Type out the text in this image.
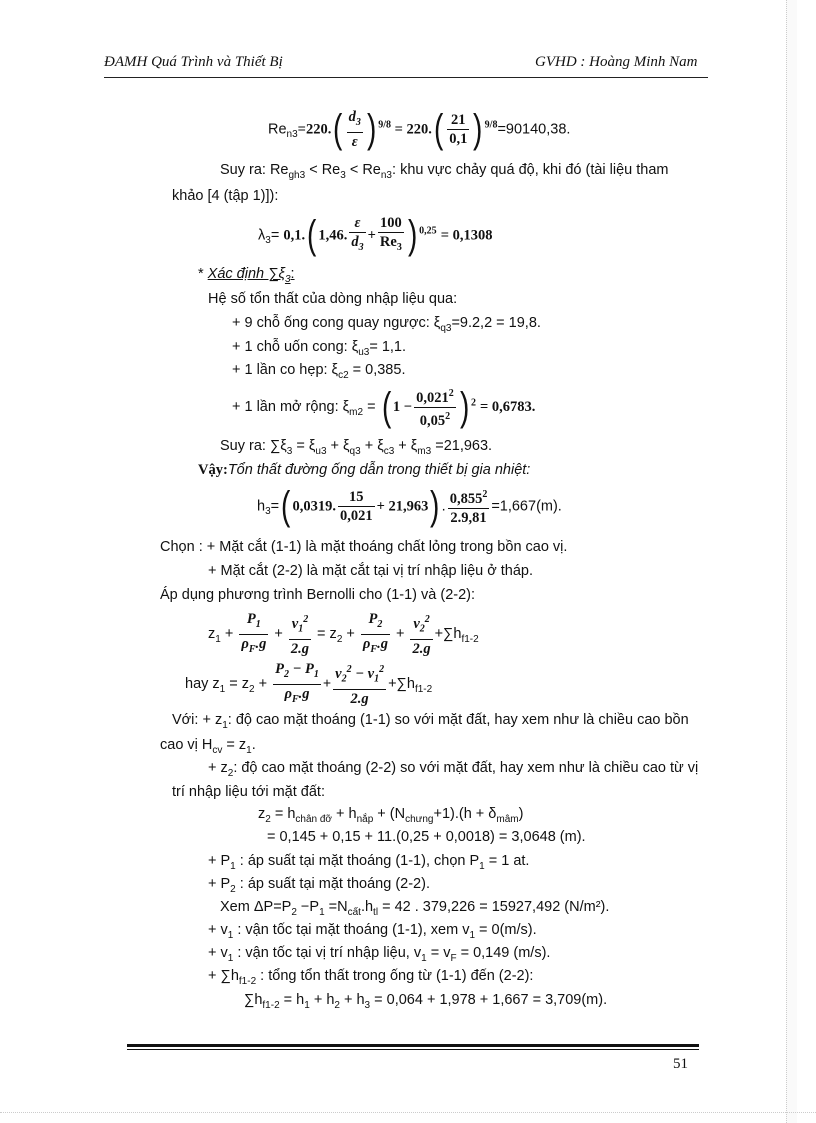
ĐAMH Quá Trình và Thiết Bị	GVHD : Hoàng Minh Nam
$Re_{n3}=220.( \frac{d_3}{\varepsilon}$ ) $^{9/8} = 220.( \frac{21}{0,1}$ ) $^{9/8}$=90140,38.
Suy ra: $Re_{gh3} < Re_3 < Re_{n3}$: khu vực chảy quá độ, khi đó (tài liệu tham
khảo [4 (tập 1)]):
$\lambda_3= 0,1$.( 1,46. $\frac{\varepsilon}{d_3} + \frac{100}{Re_3}$ ) $^{0,25}$ = 0,1308
* Xác định $\sum\xi_3$:
Hệ số tổn thất của dòng nhập liệu qua:
+ 9 chỗ ống cong quay ngược: $\xi_{q3}=9.2,2 = 19,8$.
+ 1 chỗ uốn cong: $\xi_{u3}= 1,1$.
+ 1 lần co hẹp: $\xi_{c2} = 0,385$.
+ 1 lần mở rộng: $\xi_{m2}$ = ( $1 - \frac{0,021^2}{0,05^2}$ ) $^2$ = 0,6783.
Suy ra: $\sum\xi_3 = \xi_{u3} + \xi_{q3} + \xi_{c3} + \xi_{m3} =21,963$.
Vậy:Tổn thất đường ống dẫn trong thiết bị gia nhiệt:
$h_3=$( 0,0319. $\frac{15}{0,021} + 21,963$) . $\frac{0,855^2}{2.9,81} =1,667(m)$.
Chọn : + Mặt cắt (1-1) là mặt thoáng chất lỏng trong bồn cao vị.
+ Mặt cắt (2-2) là mặt cắt tại vị trí nhập liệu ở tháp.
Áp dụng phương trình Bernolli cho (1-1) và (2-2):
$z_1 + \frac{P_1}{\rho_F.g} + \frac{v_1^2}{2.g} = z_2 + \frac{P_2}{\rho_F.g} + \frac{v_2^2}{2.g} +\sum h_{f1-2}$
hay $z_1 = z_2 + \frac{P_2 - P_1}{\rho_F.g} + \frac{v_2^2 - v_1^2}{2.g} +\sum h_{f1-2}$
Với: + $z_1$: độ cao mặt thoáng (1-1) so với mặt đất, hay xem như là chiều cao bồn
cao vị $H_{cv} = z_1$.
+ $z_2$: độ cao mặt thoáng (2-2) so với mặt đất, hay xem như là chiều cao từ vị
trí nhập liệu tới mặt đất:
$z_2 = h_{chân đỡ} + h_{nắp} + (N_{chưng}+1).(h + \delta_{mâm})$
= 0,145 + 0,15 + 11.(0,25 + 0,0018) = 3,0648 (m).
+ $P_1$ : áp suất tại mặt thoáng (1-1), chọn $P_1 = 1$ at.
+ $P_2$ : áp suất tại mặt thoáng (2-2).
Xem $\Delta P=P_2 -P_1 =N_{cất}.h_{tl} = 42$ . 379,226 = 15927,492 (N/m²).
+ $v_1$ : vận tốc tại mặt thoáng (1-1), xem $v_1 = 0(m/s)$.
+ $v_1$ : vận tốc tại vị trí nhập liệu, $v_1 = v_F = 0,149$ (m/s).
+ $\sum h_{f1-2}$ : tổng tổn thất trong ống từ (1-1) đến (2-2):
$\sum h_{f1-2} = h_1 + h_2 + h_3 = 0,064 + 1,978 + 1,667 = 3,709(m)$.
51
